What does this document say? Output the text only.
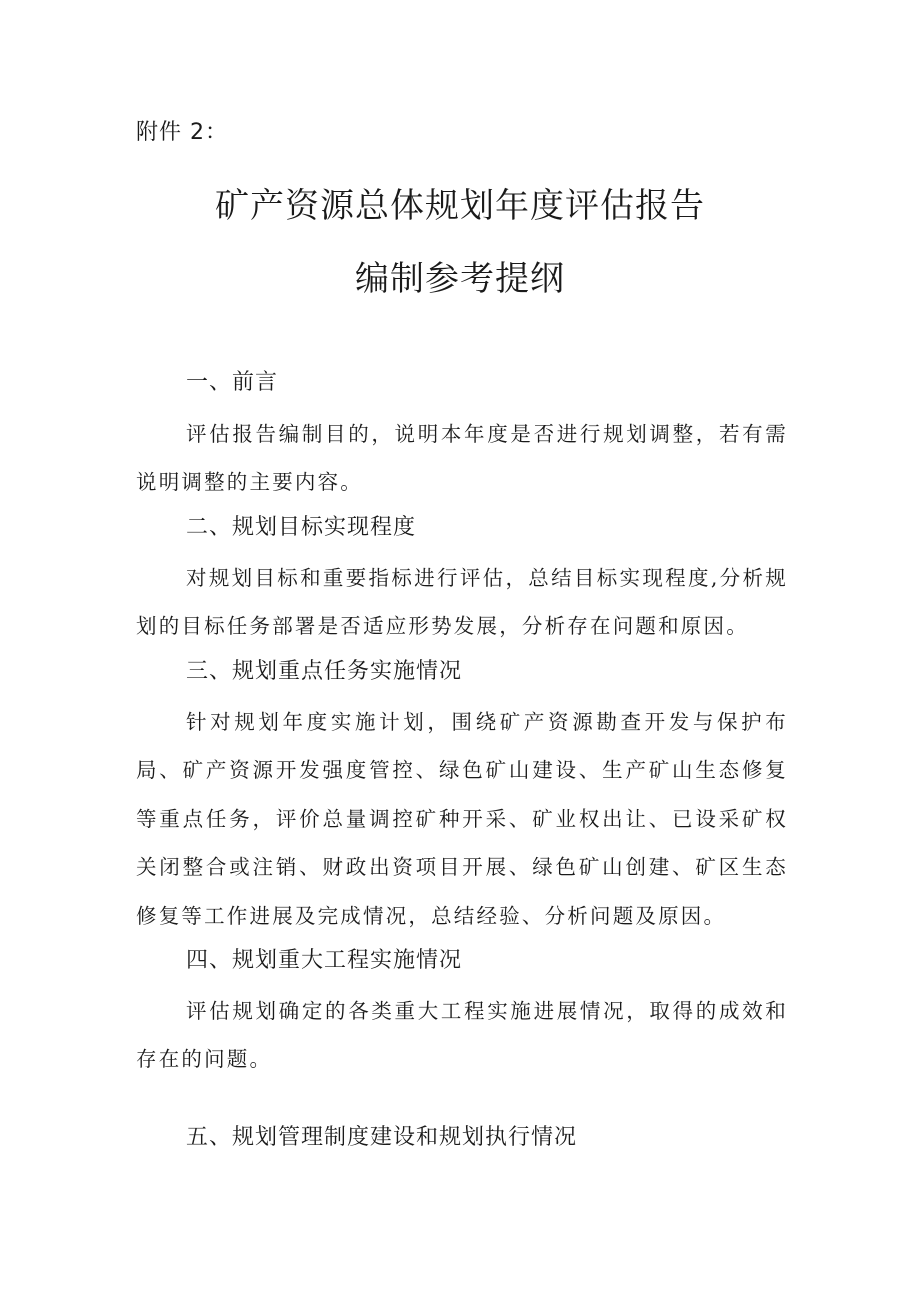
附件 2：
矿产资源总体规划年度评估报告
编制参考提纲
一、前言

评估报告编制目的，说明本年度是否进行规划调整，若有需说明调整的主要内容。

二、规划目标实现程度

对规划目标和重要指标进行评估，总结目标实现程度,分析规划的目标任务部署是否适应形势发展，分析存在问题和原因。

三、规划重点任务实施情况

针对规划年度实施计划，围绕矿产资源勘查开发与保护布局、矿产资源开发强度管控、绿色矿山建设、生产矿山生态修复等重点任务，评价总量调控矿种开采、矿业权出让、已设采矿权关闭整合或注销、财政出资项目开展、绿色矿山创建、矿区生态修复等工作进展及完成情况，总结经验、分析问题及原因。

四、规划重大工程实施情况

评估规划确定的各类重大工程实施进展情况，取得的成效和存在的问题。

五、规划管理制度建设和规划执行情况
